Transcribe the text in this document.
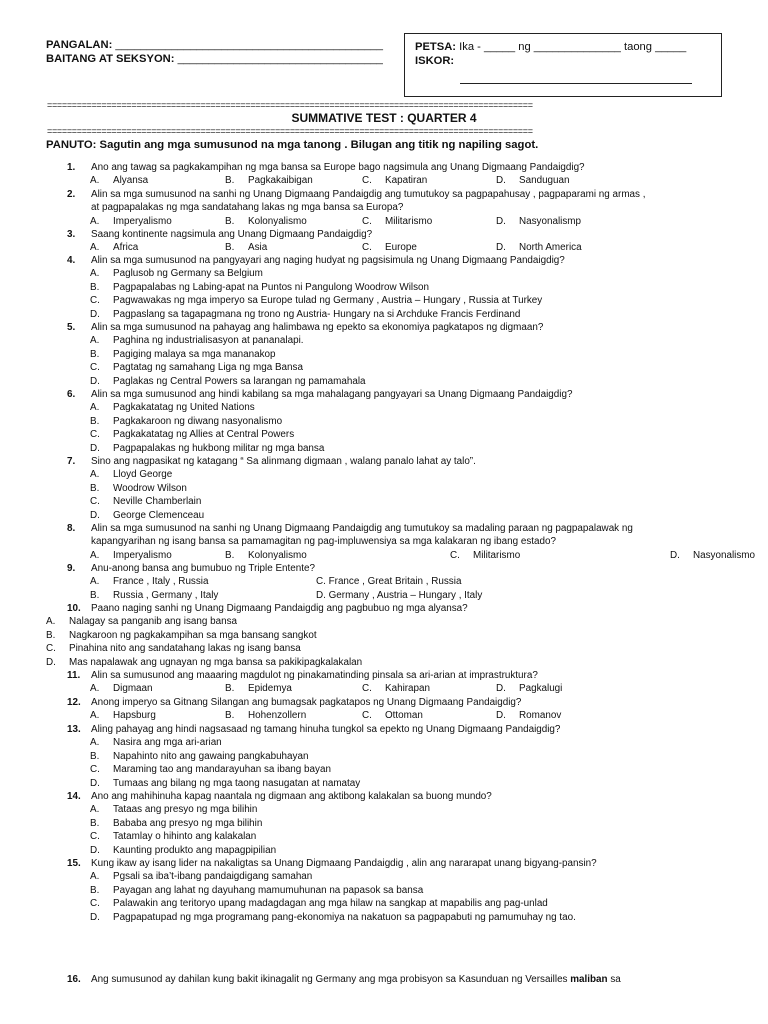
PANGALAN: ___________________________________________
BAITANG AT SEKSYON: _________________________________
PETSA: Ika - _____ ng ______________ taong _____
ISKOR:
==================================================================================================
SUMMATIVE TEST : QUARTER 4
==================================================================================================
PANUTO: Sagutin ang mga sumusunod na mga tanong . Bilugan ang titik ng napiling sagot.
1. Ano ang tawag sa pagkakampihan ng mga bansa sa Europe bago nagsimula ang Unang Digmaang Pandaigdig?
A. Alyansa	B. Pagkakaibigan	C. Kapatiran	D. Sanduguan
2. Alin sa mga sumusunod na sanhi ng Unang Digmaang Pandaigdig ang tumutukoy sa pagpapahusay , pagpaparami ng armas ,
at pagpapalakas ng mga sandatahang lakas ng mga bansa sa Europa?
A. Imperyalismo	B. Kolonyalismo	C. Militarismo	D. Nasyonalismp
3. Saang kontinente nagsimula ang Unang Digmaang Pandaigdig?
A. Africa	B. Asia	C. Europe	D. North America
4. Alin sa mga sumusunod na pangyayari ang naging hudyat ng pagsisimula ng Unang Digmaang Pandaigdig?
A. Paglusob ng Germany sa Belgium
B. Pagpapalabas ng Labing-apat na Puntos ni Pangulong Woodrow Wilson
C. Pagwawakas ng mga imperyo sa Europe tulad ng Germany , Austria – Hungary , Russia at Turkey
D. Pagpaslang sa tagapagmana ng trono ng Austria- Hungary na si Archduke Francis Ferdinand
5. Alin sa mga sumusunod na pahayag ang halimbawa ng epekto sa ekonomiya pagkatapos ng digmaan?
A. Paghina ng industrialisasyon at pananalapi.
B. Pagiging malaya sa mga mananakop
C. Pagtatag ng samahang Liga ng mga Bansa
D. Paglakas ng Central Powers sa larangan ng pamamahala
6. Alin sa mga sumusunod ang hindi kabilang sa mga mahalagang pangyayari sa Unang Digmaang Pandaigdig?
A. Pagkakatatag ng United Nations
B. Pagkakaroon ng diwang nasyonalismo
C. Pagkakatatag ng Allies at Central Powers
D. Pagpapalakas ng hukbong militar ng mga bansa
7. Sino ang nagpasikat ng katagang “ Sa alinmang digmaan , walang panalo lahat ay talo”.
A. Lloyd George
B. Woodrow Wilson
C. Neville Chamberlain
D. George Clemenceau
8. Alin sa mga sumusunod na sanhi ng Unang Digmaang Pandaigdig ang tumutukoy sa madaling paraan ng pagpapalawak ng
kapangyarihan ng isang bansa sa pamamagitan ng pag-impluwensiya sa mga kalakaran ng ibang estado?
A. Imperyalismo	B. Kolonyalismo	C. Militarismo	D. Nasyonalismo
9. Anu-anong bansa ang bumubuo ng Triple Entente?
A. France , Italy , Russia	C. France , Great Britain , Russia
B. Russia , Germany , Italy	D. Germany , Austria – Hungary , Italy
10. Paano naging sanhi ng Unang Digmaang Pandaigdig ang pagbubuo ng mga alyansa?
A. Nalagay sa panganib ang isang bansa
B. Nagkaroon ng pagkakampihan sa mga bansang sangkot
C. Pinahina nito ang sandatahang lakas ng isang bansa
D. Mas napalawak ang ugnayan ng mga bansa sa pakikipagkalakalan
11. Alin sa sumusunod ang maaaring magdulot ng pinakamatinding pinsala sa ari-arian at imprastruktura?
A. Digmaan	B. Epidemya	C. Kahirapan	D. Pagkalugi
12. Anong imperyo sa Gitnang Silangan ang bumagsak pagkatapos ng Unang Digmaang Pandaigdig?
A. Hapsburg	B. Hohenzollern	C. Ottoman	D. Romanov
13. Aling pahayag ang hindi nagsasaad ng tamang hinuha tungkol sa epekto ng Unang Digmaang Pandaigdig?
A. Nasira ang mga ari-arian
B. Napahinto nito ang gawaing pangkabuhayan
C. Maraming tao ang mandarayuhan sa ibang bayan
D. Tumaas ang bilang ng mga taong nasugatan at namatay
14. Ano ang mahihinuha kapag naantala ng digmaan ang aktibong kalakalan sa buong mundo?
A. Tataas ang presyo ng mga bilihin
B. Bababa ang presyo ng mga bilihin
C. Tatamlay o hihinto ang kalakalan
D. Kaunting produkto ang mapagpipilian
15. Kung ikaw ay isang lider na nakaligtas sa Unang Digmaang Pandaigdig , alin ang nararapat unang bigyang-pansin?
A. Pgsali sa iba’t-ibang pandaigdigang samahan
B. Payagan ang lahat ng dayuhang mamumuhunan na papasok sa bansa
C. Palawakin ang teritoryo upang madagdagan ang mga hilaw na sangkap at mapabilis ang pag-unlad
D. Pagpapatupad ng mga programang pang-ekonomiya na nakatuon sa pagpapabuti ng pamumuhay ng tao.
16. Ang sumusunod ay dahilan kung bakit ikinagalit ng Germany ang mga probisyon sa Kasunduan ng Versailles maliban sa
